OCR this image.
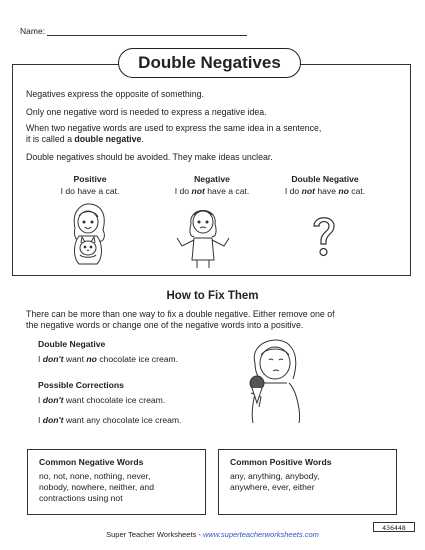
Name:
Double Negatives
Negatives express the opposite of something.
Only one negative word is needed to express a negative idea.
When two negative words are used to express the same idea in a sentence,
it is called a double negative.
Double negatives should be avoided. They make ideas unclear.
Positive
I do have a cat.
Negative
I do not have a cat.
Double Negative
I do not have no cat.
How to Fix Them
There can be more than one way to fix a double negative. Either remove one of
the negative words or change one of the negative words into a positive.
Double Negative
I don't want no chocolate ice cream.
Possible Corrections
I don't want chocolate ice cream.
I don't want any chocolate ice cream.
Common Negative Words
no, not, none, nothing, never,
nobody, nowhere, neither, and
contractions using not
Common Positive Words
any, anything, anybody,
anywhere, ever, either
436448
Super Teacher Worksheets - www.superteacherworksheets.com
